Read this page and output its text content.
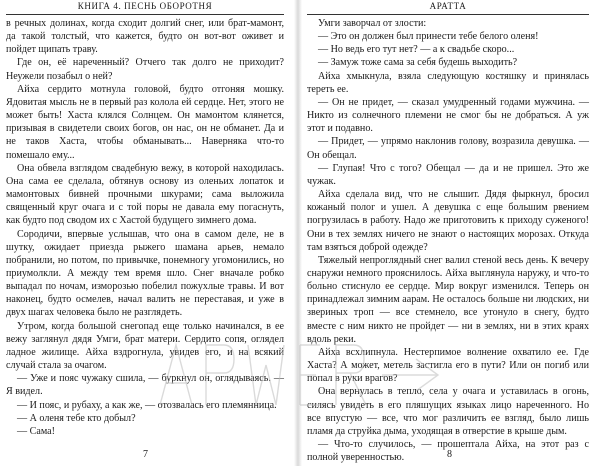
КНИГА 4. ПЕСНЬ ОБОРОТНЯ

в речных долинах, когда сходит долгий снег, или брат-мамонт, да такой толстый, что кажется, будто он вот-вот оживет и пойдет щипать траву.

Где он, её нареченный? Отчего так долго не приходит? Неужели позабыл о ней?

Айха сердито мотнула головой, будто отгоняя мошку. Ядовитая мысль не в первый раз колола ей сердце. Нет, этого не может быть! Хаста клялся Солнцем. Он мамонтом клянется, призывая в свидетели своих богов, он нас, он не обманет. Да и не таков Хаста, чтобы обманывать... Наверняка что-то помешало ему...

Она обвела взглядом свадебную вежу, в которой находилась. Она сама ее сделала, обтянув основу из оленьих лопаток и мамонтовых бивней прочными шкурами; сама выложила священный круг очага и с той поры не давала ему погаснуть, как будто под сводом их с Хастой будущего зимнего дома.

Сородичи, впервые услышав, что она в самом деле, не в шутку, ожидает приезда рыжего шамана арьев, немало побранили, но потом, по привычке, понемногу угомонились, но приумолкли. А между тем время шло. Снег вначале робко выпадал по ночам, изморозью побелил пожухлые травы. И вот наконец, будто осмелев, начал валить не переставая, и уже в двух шагах человека было не разглядеть.

Утром, когда большой снегопад еще только начинался, в ее вежу заглянул дядя Умги, брат матери. Сердито сопя, оглядел ладное жилище. Айха вздрогнула, увидев его, и на всякий случай стала за очагом.

— Уже и пояс чужаку сшила, — буркнул он, оглядываясь. — Я видел.

— И пояс, и рубаху, а как же, — отозвалась его племянница.

— А оленя тебе кто добыл?

— Сама!

7
АРАТТА

Умги заворчал от злости:

— Это он должен был принести тебе белого оленя!

— Но ведь его тут нет? — а к свадьбе скоро...

— Замуж тоже сама за себя будешь выходить?

Айха хмыкнула, взяла следующую костяшку и принялась тереть ее.

— Он не придет, — сказал умудренный годами мужчина. — Никто из солнечного племени не смог бы не добраться. А уж этот и подавно.

— Придет, — упрямо наклонив голову, возразила девушка. — Он обещал.

— Глупая! Что с того? Обещал — да и не пришел. Это же чужак.

Айха сделала вид, что не слышит. Дядя фыркнул, бросил кожаный полог и ушел. А девушка с еще большим рвением погрузилась в работу. Надо же приготовить к приходу суженого! Они в тех землях ничего не знают о настоящих морозах. Откуда там взяться доброй одежде?

Тяжелый непроглядный снег валил стеной весь день. К вечеру снаружи немного прояснилось. Айха выглянула наружу, и что-то больно стиснуло ее сердце. Мир вокруг изменился. Теперь он принадлежал зимним аарам. Не осталось больше ни людских, ни звериных троп — все стемнело, все утонуло в снегу, будто вместе с ним никто не пройдет — ни в землях, ни в этих краях вдоль реки.

Айха всхлипнула. Нестерпимое волнение охватило ее. Где Хаста? А может, метель застигла его в пути? Или он погиб или попал в руки врагов?

Она вернулась в тепло, села у очага и уставилась в огонь, силясь увидеть в его пляшущих языках лицо нареченного. Но все впустую — все, что мог различить ее взгляд, было лишь пламя да струйка дыма, уходящая в отверстие в крыше дым.

— Что-то случилось, — прошептала Айха, на этот раз с полной уверенностью.	8
